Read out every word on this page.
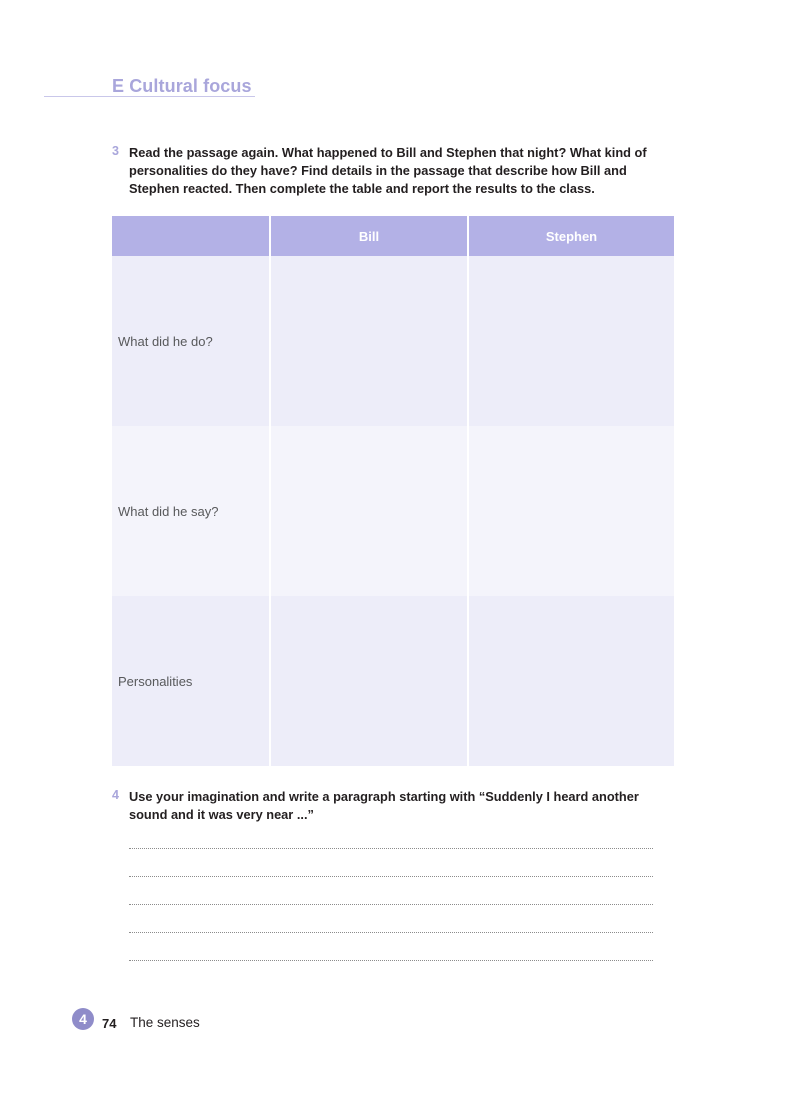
E Cultural focus
3 Read the passage again. What happened to Bill and Stephen that night? What kind of personalities do they have? Find details in the passage that describe how Bill and Stephen reacted. Then complete the table and report the results to the class.
	Bill	Stephen
What did he do?		
What did he say?		
Personalities		
4 Use your imagination and write a paragraph starting with “Suddenly I heard another sound and it was very near ...”
4	74 The senses
